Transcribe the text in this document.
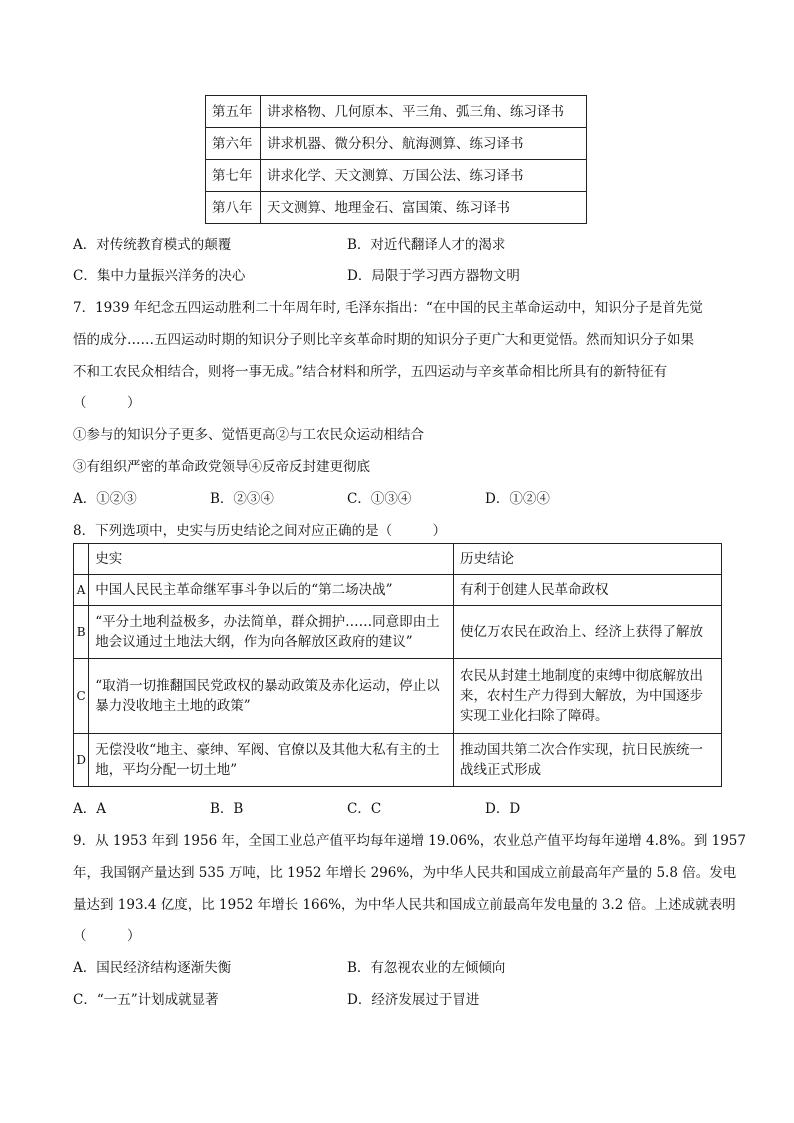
第五年	讲求格物、几何原本、平三角、弧三角、练习译书
第六年	讲求机器、微分积分、航海测算、练习译书
第七年	讲求化学、天文测算、万国公法、练习译书
第八年	天文测算、地理金石、富国策、练习译书
A．对传统教育模式的颠覆	B．对近代翻译人才的渴求
C．集中力量振兴洋务的决心	D．局限于学习西方器物文明
7．1939 年纪念五四运动胜利二十年周年时, 毛泽东指出：“在中国的民主革命运动中，知识分子是首先觉
悟的成分……五四运动时期的知识分子则比辛亥革命时期的知识分子更广大和更觉悟。然而知识分子如果
不和工农民众相结合，则将一事无成。”结合材料和所学，五四运动与辛亥革命相比所具有的新特征有
（　　　）
①参与的知识分子更多、觉悟更高②与工农民众运动相结合
③有组织严密的革命政党领导④反帝反封建更彻底
A．①②③	B．②③④	C．①③④	D．①②④
8．下列选项中，史实与历史结论之间对应正确的是（　　　）
	史实	历史结论
A	中国人民民主革命继军事斗争以后的“第二场决战”	有利于创建人民革命政权
B	“平分土地利益极多，办法简单，群众拥护……同意即由土地会议通过土地法大纲，作为向各解放区政府的建议”	使亿万农民在政治上、经济上获得了解放
C	“取消一切推翻国民党政权的暴动政策及赤化运动，停止以暴力没收地主土地的政策”	农民从封建土地制度的束缚中彻底解放出来，农村生产力得到大解放，为中国逐步实现工业化扫除了障碍。
D	无偿没收“地主、豪绅、军阀、官僚以及其他大私有主的土地，平均分配一切土地”	推动国共第二次合作实现，抗日民族统一战线正式形成
A．A	B．B	C．C	D．D
9．从 1953 年到 1956 年，全国工业总产值平均每年递增 19.06%，农业总产值平均每年递增 4.8%。到 1957
年，我国钢产量达到 535 万吨，比 1952 年增长 296%，为中华人民共和国成立前最高年产量的 5.8 倍。发电
量达到 193.4 亿度，比 1952 年增长 166%，为中华人民共和国成立前最高年发电量的 3.2 倍。上述成就表明
（　　　）
A．国民经济结构逐渐失衡	B．有忽视农业的左倾倾向
C．“一五”计划成就显著	D．经济发展过于冒进
